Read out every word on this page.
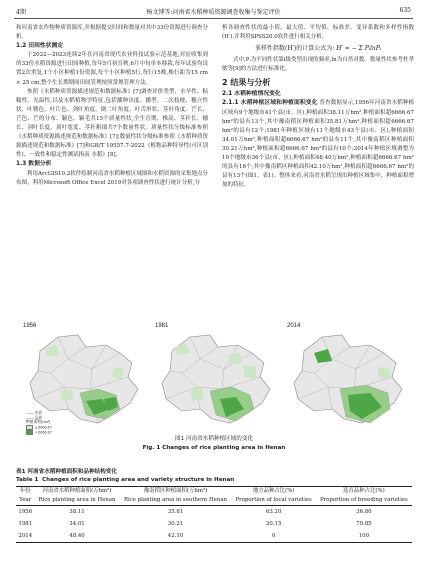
4期	杨文博等:河南省水稻种质资源调查收集与鉴定评价	635

和河南省农作物种质资源库,并根据提交时间和数量对其中33份资源进行调查分析。

1.2 田间性状测定

于2022—2023连续2年在河南省现代农业科技试验示范基地,对征收集到的33份水稻资源进行田间种植,每年5月初育秧,6月中旬单本移栽,每年试验均设置2次重复,1个小区种植1份资源,每个小区种植5行,每行15株,株行距为15 cm × 25 cm,整个生长期期间田间管理按照常规管理方法。

参照《水稻种质资源描述规范和数据标准》[7]调查评价类型、水旱性、粘糯性、光温性,以及水稻植物学特征,包括播种出度、播型、二次枝梗、穗立性状、叶鞘色、叶片色、剑叶角度、倒二叶角度、叶舌形状、茎秆角度、芒长、芒色、芒的分布、颖色、颖毛共15个质量性状,全生育期、株高、茎秆长、穗长、剑叶长度、剑叶宽度、茎秆粗细共7个数量性状。质量性状分级标准参照《水稻种质资源描述规范和数据标准》[7];数量性状分级标准参照《水稻种质资源描述规范和数据标准》[7]和GB/T 19557.7-2022《植物品种特异性(可区别性)、一致性和稳定性测试指南 水稻》[8]。

1.3 数据分析

利用ArcGIS10.2软件绘制河南省水稻种植区域图和水稻资源的采集地点分布图。利用Microsoft Office Excel 2019对各项调查性状进行统计分析,分

析各调查性状的最小值、最大值、平均值、标准差、变异系数和多样性指数(H′),并利用SPSS20.0软件进行相关分析。

多样性指数(H′)的计算公式为: H′ = − Σ PᵢlnPᵢ

式中,Pᵢ为不同性状第i级类型出现的频率,ln为自然对数。数量性状参考杜孝敏等[9]的方法进行标准化。

2 结果与分析
2.1 水稻种植情况变化

2.1.1 水稻种植区域和种植面积变化 普查数据显示,1956年河南省水稻种植区域有9个地级市41个县(市、区),种植面积38.11万hm²,种植面积超6666.67 hm²的县有13个,其中豫南稻区种植面积35.81万hm²,种植面积超6666.67 hm²的县有12个;1981年种植区域有11个地级市43个县(市、区),种植面积34.01万hm²,种植面积超6666.67 hm²的县有11个,其中豫南稻区种植面积30.21万hm²,种植面积超6666.67 hm²的县有10个;2014年种植区域调整为10个地级市36个县(市、区),种植面积48.40万hm²,种植面积超6666.67 hm²的县有16个,其中豫南稻区种植面积42.10万hm²,种植面积超6666.67 hm²的县有13个(图1、表1)。整体来看,河南省水稻呈现出种植区域集中、种植面积增加的特征。

1956
—— 市界
—— 县界
种植面积(hm²)
≤ 6666.67
> 6666.67
1981	2014
图1 河南省水稻种植区域的变化
Fig. 1 Changes of rice planting area in Henan
表1 河南省水稻种植面积和品种结构变化
Table 1 Changes of rice planting area and variety structure in Henan
年份	河南省水稻种植面积(万hm²)	豫南稻区种植面积(万hm²)	地方品种占比(%)	选育品种占比(%)
Year	Rice planting area in Henan	Rice planting area in southern Henan	Proportion of local varieties	Proportion of breeding varieties
1956	38.11	35.81	63.20	36.80
1981	34.01	30.21	20.15	79.85
2014	48.40	42.10	0	100
